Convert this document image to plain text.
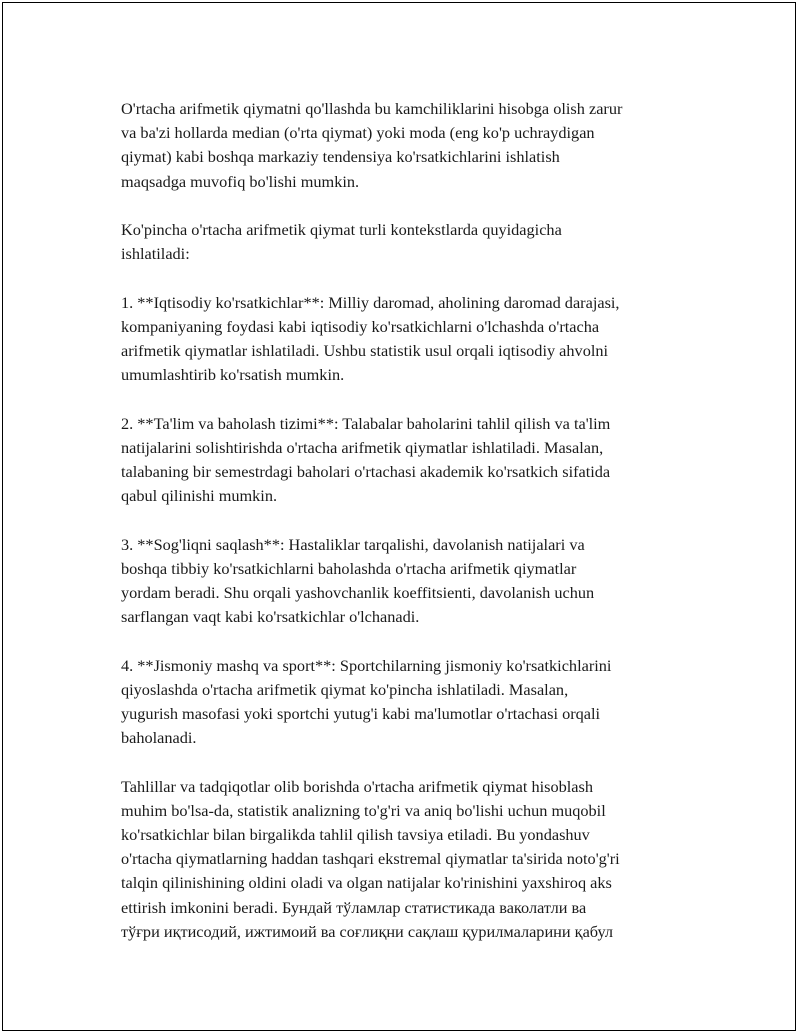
O'rtacha arifmetik qiymatni qo'llashda bu kamchiliklarini hisobga olish zarur
va ba'zi hollarda median (o'rta qiymat) yoki moda (eng ko'p uchraydigan
qiymat) kabi boshqa markaziy tendensiya ko'rsatkichlarini ishlatish
maqsadga muvofiq bo'lishi mumkin.

Ko'pincha o'rtacha arifmetik qiymat turli kontekstlarda quyidagicha
ishlatiladi:

1. **Iqtisodiy ko'rsatkichlar**: Milliy daromad, aholining daromad darajasi,
kompaniyaning foydasi kabi iqtisodiy ko'rsatkichlarni o'lchashda o'rtacha
arifmetik qiymatlar ishlatiladi. Ushbu statistik usul orqali iqtisodiy ahvolni
umumlashtirib ko'rsatish mumkin.

2. **Ta'lim va baholash tizimi**: Talabalar baholarini tahlil qilish va ta'lim
natijalarini solishtirishda o'rtacha arifmetik qiymatlar ishlatiladi. Masalan,
talabaning bir semestrdagi baholari o'rtachasi akademik ko'rsatkich sifatida
qabul qilinishi mumkin.

3. **Sog'liqni saqlash**: Hastaliklar tarqalishi, davolanish natijalari va
boshqa tibbiy ko'rsatkichlarni baholashda o'rtacha arifmetik qiymatlar
yordam beradi. Shu orqali yashovchanlik koeffitsienti, davolanish uchun
sarflangan vaqt kabi ko'rsatkichlar o'lchanadi.

4. **Jismoniy mashq va sport**: Sportchilarning jismoniy ko'rsatkichlarini
qiyoslashda o'rtacha arifmetik qiymat ko'pincha ishlatiladi. Masalan,
yugurish masofasi yoki sportchi yutug'i kabi ma'lumotlar o'rtachasi orqali
baholanadi.

Tahlillar va tadqiqotlar olib borishda o'rtacha arifmetik qiymat hisoblash
muhim bo'lsa-da, statistik analizning to'g'ri va aniq bo'lishi uchun muqobil
ko'rsatkichlar bilan birgalikda tahlil qilish tavsiya etiladi. Bu yondashuv
o'rtacha qiymatlarning haddan tashqari ekstremal qiymatlar ta'sirida noto'g'ri
talqin qilinishining oldini oladi va olgan natijalar ko'rinishini yaxshiroq aks
ettirish imkonini beradi. Бундай тўламлар статистикада ваколатли ва
тўғри иқтисодий, ижтимоий ва соғлиқни сақлаш қурилмаларини қабул
